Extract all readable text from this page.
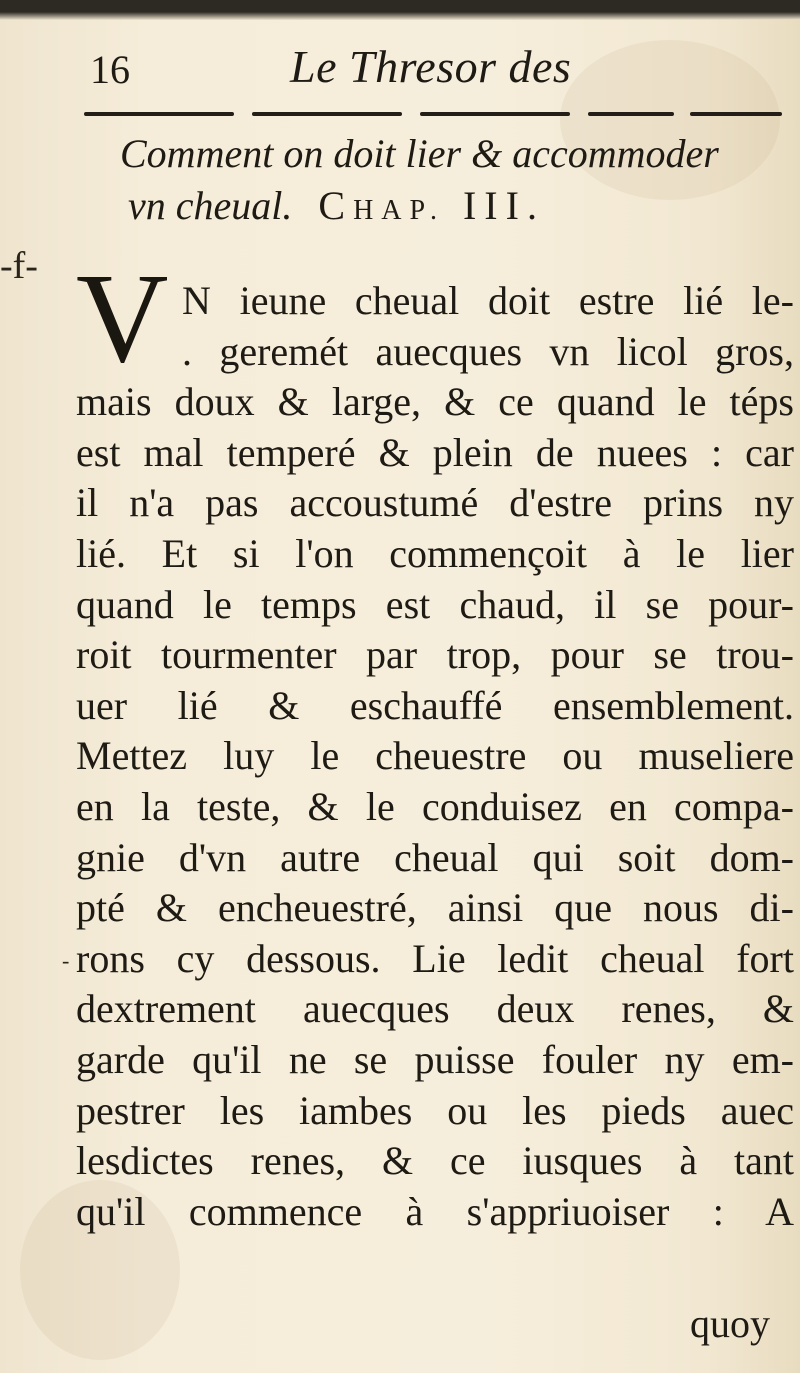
16	Le Thresor des
Comment on doit lier & accommoder
vn cheual. CHAP. III.
-f-
-
V N ieune cheual doit estre lié le-
. geremét auecques vn licol gros,
mais doux & large, & ce quand le téps
est mal temperé & plein de nuees : car
il n'a pas accoustumé d'estre prins ny
lié. Et si l'on commençoit à le lier
quand le temps est chaud, il se pour-
roit tourmenter par trop, pour se trou-
uer lié & eschauffé ensemblement.
Mettez luy le cheuestre ou museliere
en la teste, & le conduisez en compa-
gnie d'vn autre cheual qui soit dom-
pté & encheuestré, ainsi que nous di-
rons cy dessous. Lie ledit cheual fort
dextrement auecques deux renes, &
garde qu'il ne se puisse fouler ny em-
pestrer les iambes ou les pieds auec
lesdictes renes, & ce iusques à tant
qu'il commence à s'appriuoiser : A
quoy
